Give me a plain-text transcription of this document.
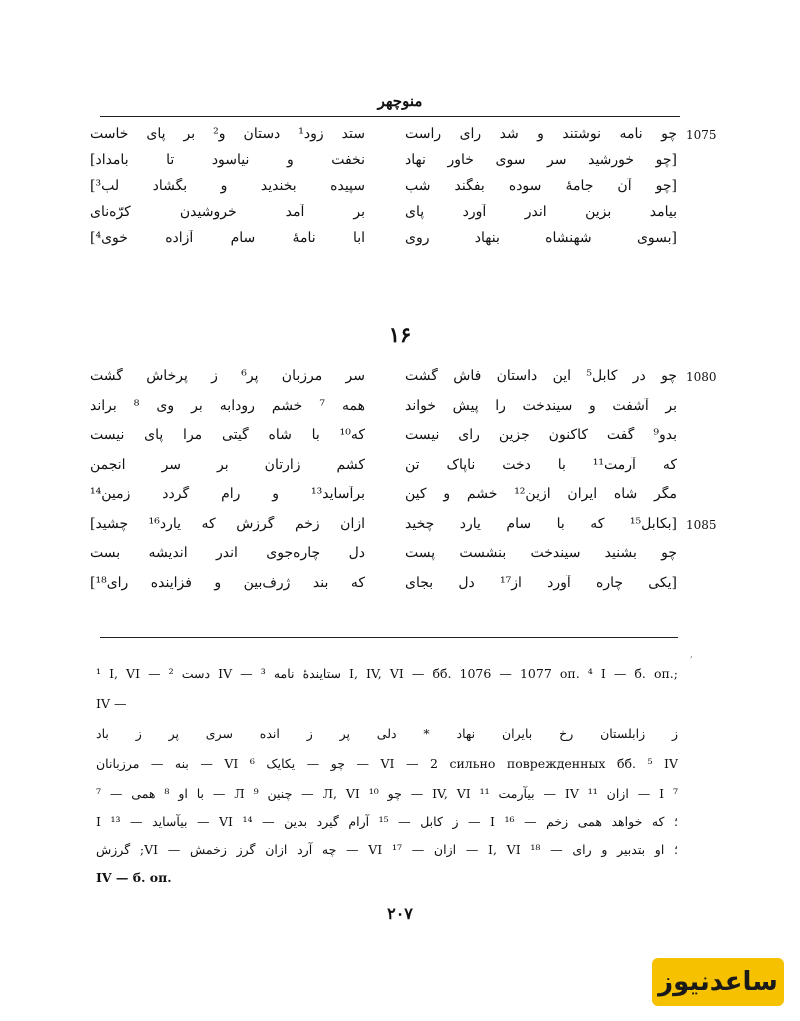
منوچهر
1075
چو نامه نوشتند و شد رای راست
ستد زود¹ دستان و² بر پای خاست
[چو خورشید سر سوی خاور نهاد
نخفت و نیاسود تا بامداد]
[چو آن جامهٔ سوده بفگند شب
سپیده بخندید و بگشاد لب³]
بیامد بزین اندر آورد پای
بر آمد خروشیدن کرّه‌نای
[بسوی شهنشاه بنهاد روی
ابا نامهٔ سام آزاده خوی⁴]
۱۶
1080
چو در کابل⁵ این داستان فاش گشت
سر مرزبان پر⁶ ز پرخاش گشت
بر آشفت و سیندخت را پیش خواند
همه ⁷ خشم رودابه بر وی ⁸ براند
بدو⁹ گفت کاکنون جزین رای نیست
که¹⁰ با شاه گیتی مرا پای نیست
که آرمت¹¹ با دخت ناپاک تن
کشم زارتان بر سر انجمن
مگر شاه ایران ازین¹² خشم و کین
برآساید¹³ و رام گردد زمین¹⁴
1085
[بکابل¹⁵ که با سام یارد چخید
ازان زخم گرزش که یارد¹⁶ چشید]
چو بشنید سیندخت بنشست پست
دل چاره‌جوی اندر اندیشه بست
[یکی چاره آورد از¹⁷ دل بجای
که بند ژرف‌بین و فزاینده رای¹⁸]
,
¹ I, VI — دست ² IV — ستایندهٔ نامه ³ I, IV, VI — бб. 1076 — 1077 оп. ⁴ I — б. оп.;
IV —
ز زابلستان رخ بایران نهاد * دلی پر ز انده سری پر ز باد
VI — 2 сильно поврежденных бб. ⁵ IV — چو — یکایک ⁶ VI — بنه — مرزبانان
⁷ I — ازان ¹¹ IV — بیآرمت ¹¹ IV, VI — چو ¹⁰ Л, VI — چنین ⁹ Л — با او ⁸ همی — ⁷
؛ که خواهد همی زخم — ¹⁶ I — ز کابل — ¹⁵ آرام گیرد بدین — ¹⁴ VI — بیآساید — ¹³ I
؛ او بتدبیر و رای — ¹⁸ I, VI — ازان — ¹⁷ VI — چه آرد ازان گرز زخمش — VI; گرزش
IV — б. оп.
۲۰۷
ساعدنیوز
